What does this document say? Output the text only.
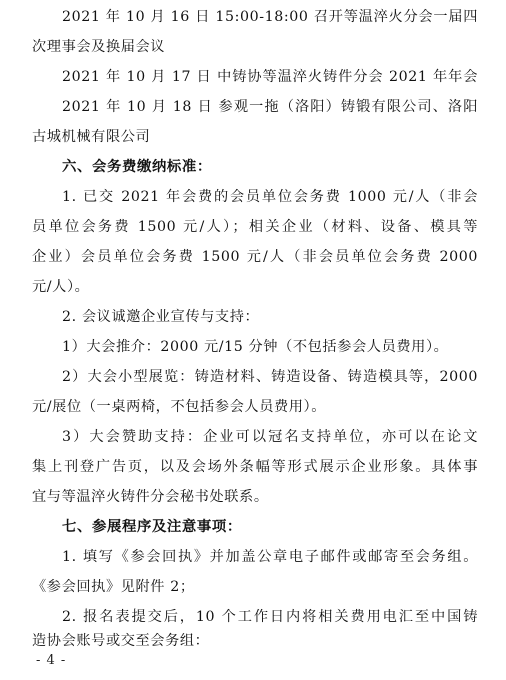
2021 年 10 月 16 日 15:00-18:00 召开等温淬火分会一届四
次理事会及换届会议
2021 年 10 月 17 日 中铸协等温淬火铸件分会 2021 年年会
2021 年 10 月 18 日 参观一拖（洛阳）铸锻有限公司、洛阳
古城机械有限公司
六、会务费缴纳标准：
1. 已交 2021 年会费的会员单位会务费 1000 元/人（非会
员单位会务费 1500 元/人）；相关企业（材料、设备、模具等
企业）会员单位会务费 1500 元/人（非会员单位会务费 2000
元/人）。
2. 会议诚邀企业宣传与支持：
1）大会推介：2000 元/15 分钟（不包括参会人员费用）。
2）大会小型展览：铸造材料、铸造设备、铸造模具等，2000
元/展位（一桌两椅，不包括参会人员费用）。
3）大会赞助支持：企业可以冠名支持单位，亦可以在论文
集上刊登广告页，以及会场外条幅等形式展示企业形象。具体事
宜与等温淬火铸件分会秘书处联系。
七、参展程序及注意事项：
1. 填写《参会回执》并加盖公章电子邮件或邮寄至会务组。
《参会回执》见附件 2；
2. 报名表提交后，10 个工作日内将相关费用电汇至中国铸
造协会账号或交至会务组：
- 4 -
